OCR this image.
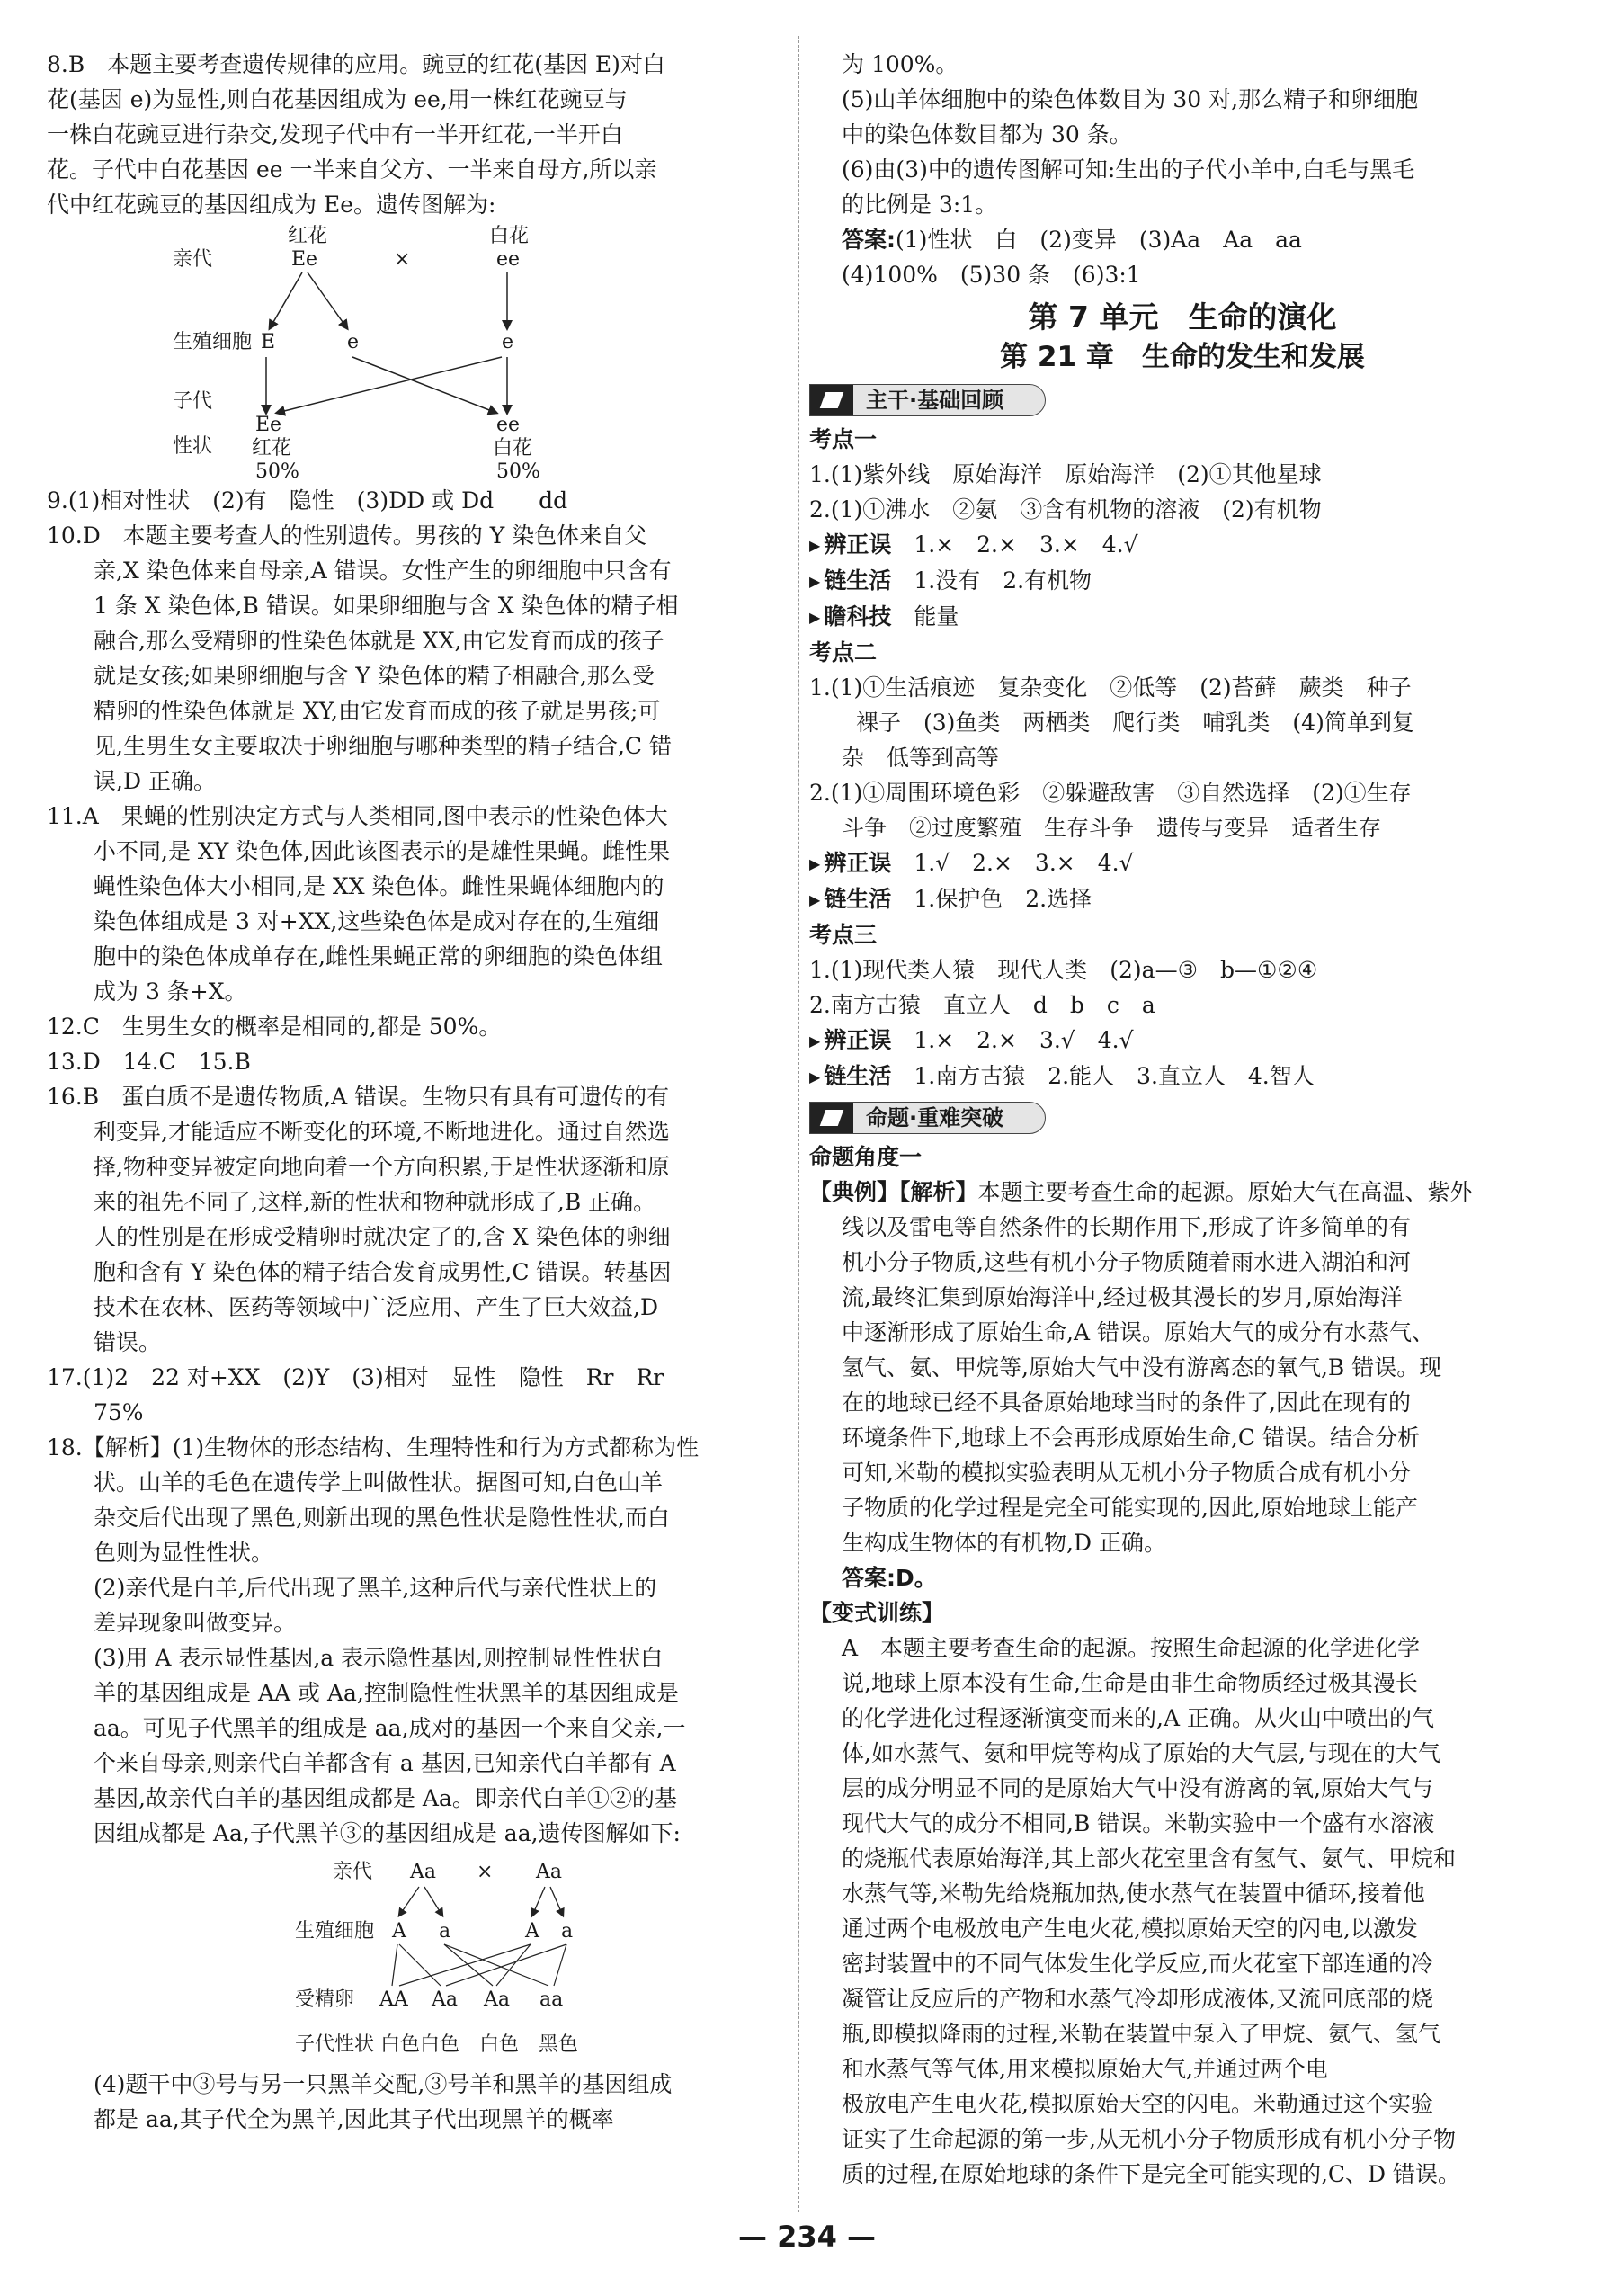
8.B　本题主要考查遗传规律的应用。豌豆的红花(基因 E)对白

花(基因 e)为显性,则白花基因组成为 ee,用一株红花豌豆与

一株白花豌豆进行杂交,发现子代中有一半开红花,一半开白

花。子代中白花基因 ee 一半来自父方、一半来自母方,所以亲

代中红花豌豆的基因组成为 Ee。遗传图解为:

红花	白花
亲代	Ee	×	ee
生殖细胞 E	e	e
子代
Ee	ee
性状 红花	白花
50%	50%

9.(1)相对性状　(2)有　隐性　(3)DD 或 Dd　　dd

10.D　本题主要考查人的性别遗传。男孩的 Y 染色体来自父

亲,X 染色体来自母亲,A 错误。女性产生的卵细胞中只含有

1 条 X 染色体,B 错误。如果卵细胞与含 X 染色体的精子相

融合,那么受精卵的性染色体就是 XX,由它发育而成的孩子

就是女孩;如果卵细胞与含 Y 染色体的精子相融合,那么受

精卵的性染色体就是 XY,由它发育而成的孩子就是男孩;可

见,生男生女主要取决于卵细胞与哪种类型的精子结合,C 错

误,D 正确。

11.A　果蝇的性别决定方式与人类相同,图中表示的性染色体大

小不同,是 XY 染色体,因此该图表示的是雄性果蝇。雌性果

蝇性染色体大小相同,是 XX 染色体。雌性果蝇体细胞内的

染色体组成是 3 对+XX,这些染色体是成对存在的,生殖细

胞中的染色体成单存在,雌性果蝇正常的卵细胞的染色体组

成为 3 条+X。

12.C　生男生女的概率是相同的,都是 50%。

13.D　14.C　15.B

16.B　蛋白质不是遗传物质,A 错误。生物只有具有可遗传的有

利变异,才能适应不断变化的环境,不断地进化。通过自然选

择,物种变异被定向地向着一个方向积累,于是性状逐渐和原

来的祖先不同了,这样,新的性状和物种就形成了,B 正确。

人的性别是在形成受精卵时就决定了的,含 X 染色体的卵细

胞和含有 Y 染色体的精子结合发育成男性,C 错误。转基因

技术在农林、医药等领域中广泛应用、产生了巨大效益,D

错误。

17.(1)2　22 对+XX　(2)Y　(3)相对　显性　隐性　Rr　Rr

75%

18.【解析】(1)生物体的形态结构、生理特性和行为方式都称为性

状。山羊的毛色在遗传学上叫做性状。据图可知,白色山羊

杂交后代出现了黑色,则新出现的黑色性状是隐性性状,而白

色则为显性性状。

(2)亲代是白羊,后代出现了黑羊,这种后代与亲代性状上的

差异现象叫做变异。

(3)用 A 表示显性基因,a 表示隐性基因,则控制显性性状白

羊的基因组成是 AA 或 Aa,控制隐性性状黑羊的基因组成是

aa。可见子代黑羊的组成是 aa,成对的基因一个来自父亲,一

个来自母亲,则亲代白羊都含有 a 基因,已知亲代白羊都有 A

基因,故亲代白羊的基因组成都是 Aa。即亲代白羊①②的基

因组成都是 Aa,子代黑羊③的基因组成是 aa,遗传图解如下:

亲代 Aa × Aa
生殖细胞 A a	A a
受精卵 AA Aa Aa aa
子代性状 白色白色　白色　黑色

(4)题干中③号与另一只黑羊交配,③号羊和黑羊的基因组成

都是 aa,其子代全为黑羊,因此其子代出现黑羊的概率

为 100%。

(5)山羊体细胞中的染色体数目为 30 对,那么精子和卵细胞

中的染色体数目都为 30 条。

(6)由(3)中的遗传图解可知:生出的子代小羊中,白毛与黑毛

的比例是 3:1。

答案:(1)性状　白　(2)变异　(3)Aa　Aa　aa

(4)100%　(5)30 条　(6)3:1

第 7 单元　生命的演化
第 21 章　生命的发生和发展
主干·基础回顾

考点一

1.(1)紫外线　原始海洋　原始海洋　(2)①其他星球

2.(1)①沸水　②氨　③含有机物的溶液　(2)有机物

▶ 辨正误　 1.×　2.×　3.×　4.√

▶ 链生活　 1.没有　2.有机物

▶ 瞻科技　 能量

考点二

1.(1)①生活痕迹　复杂变化　②低等　(2)苔藓　蕨类　种子

裸子　(3)鱼类　两栖类　爬行类　哺乳类　(4)简单到复

杂　低等到高等

2.(1)①周围环境色彩　②躲避敌害　③自然选择　(2)①生存

斗争　②过度繁殖　生存斗争　遗传与变异　适者生存

▶ 辨正误　 1.√　2.×　3.×　4.√

▶ 链生活　 1.保护色　2.选择

考点三

1.(1)现代类人猿　现代人类　(2)a—③　b—①②④

2.南方古猿　直立人　d　b　c　a

▶ 辨正误　 1.×　2.×　3.√　4.√

▶ 链生活　 1.南方古猿　2.能人　3.直立人　4.智人

命题·重难突破

命题角度一

【典例】【解析】本题主要考查生命的起源。原始大气在高温、紫外

线以及雷电等自然条件的长期作用下,形成了许多简单的有

机小分子物质,这些有机小分子物质随着雨水进入湖泊和河

流,最终汇集到原始海洋中,经过极其漫长的岁月,原始海洋

中逐渐形成了原始生命,A 错误。原始大气的成分有水蒸气、

氢气、氨、甲烷等,原始大气中没有游离态的氧气,B 错误。现

在的地球已经不具备原始地球当时的条件了,因此在现有的

环境条件下,地球上不会再形成原始生命,C 错误。结合分析

可知,米勒的模拟实验表明从无机小分子物质合成有机小分

子物质的化学过程是完全可能实现的,因此,原始地球上能产

生构成生物体的有机物,D 正确。

答案:D。

【变式训练】

A　本题主要考查生命的起源。按照生命起源的化学进化学

说,地球上原本没有生命,生命是由非生命物质经过极其漫长

的化学进化过程逐渐演变而来的,A 正确。从火山中喷出的气

体,如水蒸气、氨和甲烷等构成了原始的大气层,与现在的大气

层的成分明显不同的是原始大气中没有游离的氧,原始大气与

现代大气的成分不相同,B 错误。米勒实验中一个盛有水溶液

的烧瓶代表原始海洋,其上部火花室里含有氢气、氨气、甲烷和

水蒸气等,米勒先给烧瓶加热,使水蒸气在装置中循环,接着他

通过两个电极放电产生电火花,模拟原始天空的闪电,以激发

密封装置中的不同气体发生化学反应,而火花室下部连通的冷

凝管让反应后的产物和水蒸气冷却形成液体,又流回底部的烧

瓶,即模拟降雨的过程,米勒在装置中泵入了甲烷、氨气、氢气

和水蒸气等气体,用来模拟原始大气,并通过两个电

极放电产生电火花,模拟原始天空的闪电。米勒通过这个实验

证实了生命起源的第一步,从无机小分子物质形成有机小分子物

质的过程,在原始地球的条件下是完全可能实现的,C、D 错误。

— 234 —
